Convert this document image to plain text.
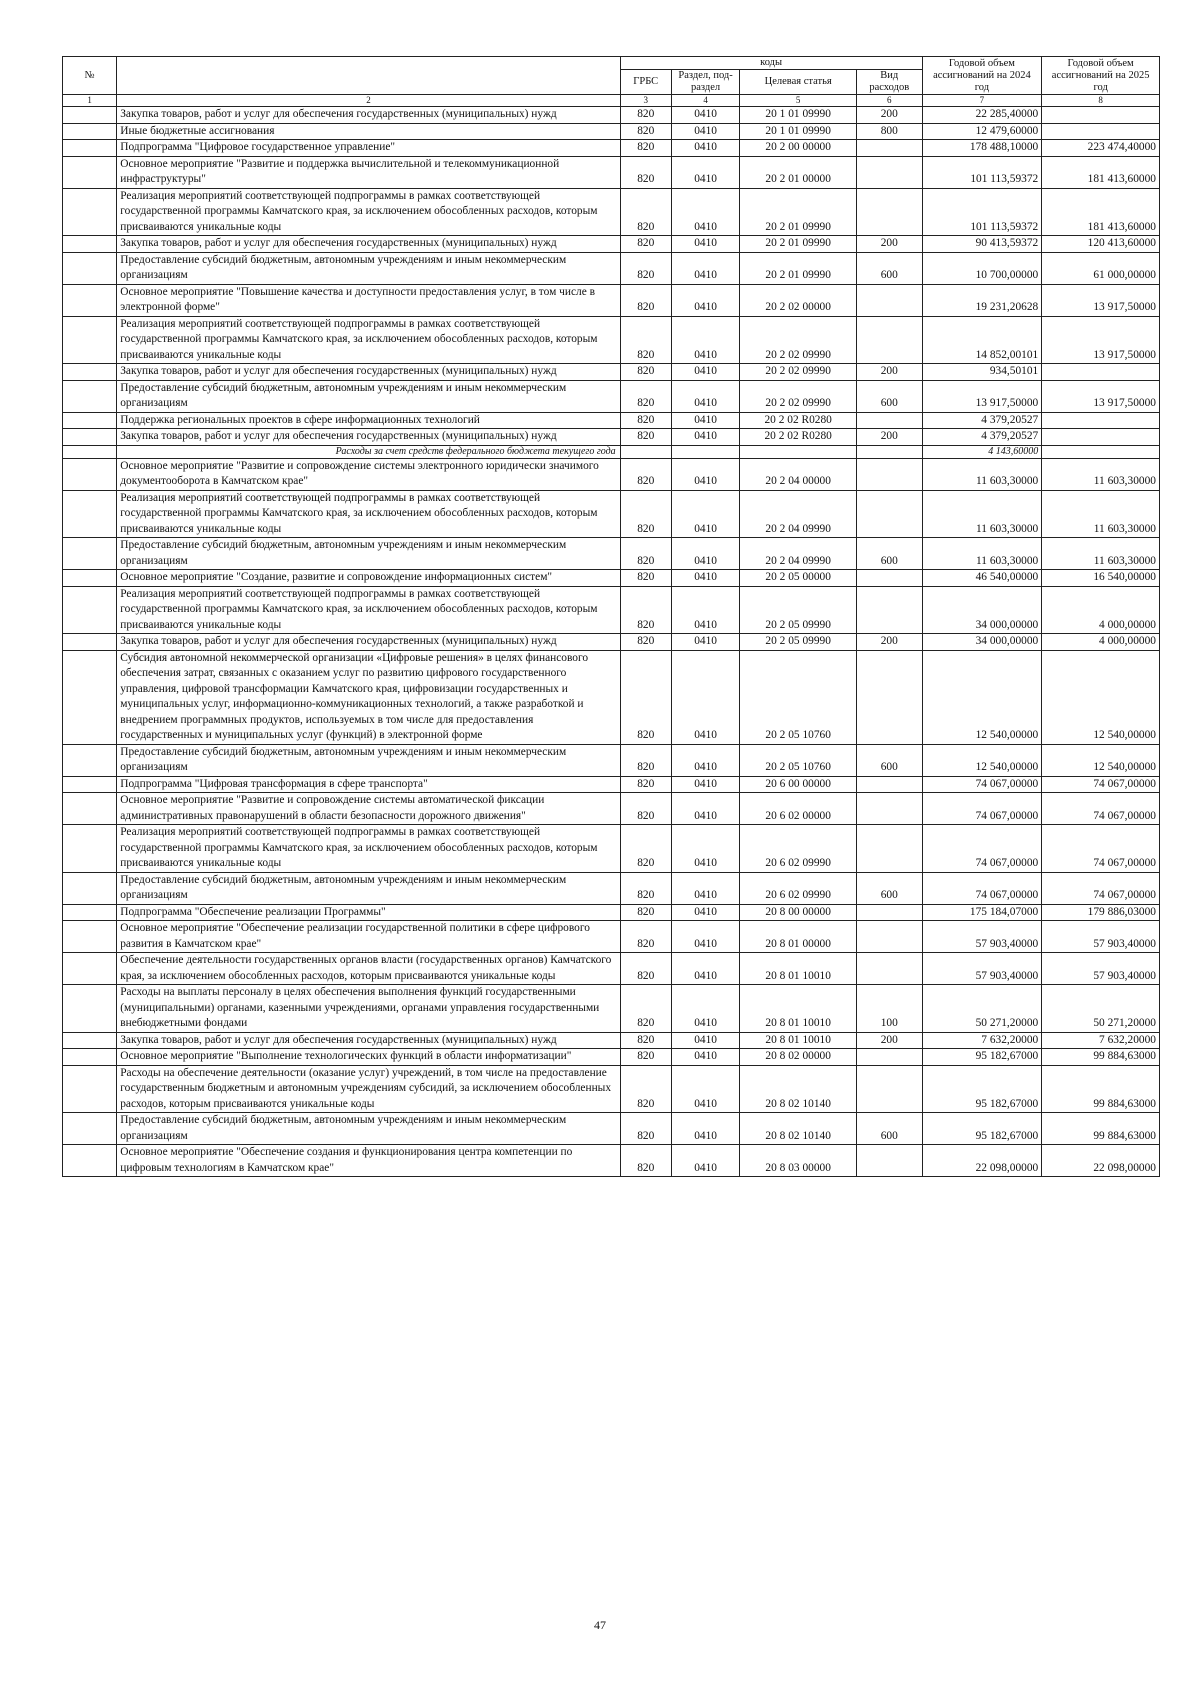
№		коды				Годовой объем ассигнований на 2024 год	Годовой объем ассигнований на 2025 год
		ГРБС	Раздел, под-раздел	Целевая статья	Вид расходов		
1	2	3	4	5	6	7	8
	Закупка товаров, работ и услуг для обеспечения государственных (муниципальных) нужд	820	0410	20 1 01 09990	200	22 285,40000	
	Иные бюджетные ассигнования	820	0410	20 1 01 09990	800	12 479,60000	
	Подпрограмма "Цифровое государственное управление"	820	0410	20 2 00 00000		178 488,10000	223 474,40000
	Основное мероприятие "Развитие и поддержка вычислительной и телекоммуникационной инфраструктуры"	820	0410	20 2 01 00000		101 113,59372	181 413,60000
	Реализация мероприятий соответствующей подпрограммы в рамках соответствующей государственной программы Камчатского края, за исключением обособленных расходов, которым присваиваются уникальные коды	820	0410	20 2 01 09990		101 113,59372	181 413,60000
	Закупка товаров, работ и услуг для обеспечения государственных (муниципальных) нужд	820	0410	20 2 01 09990	200	90 413,59372	120 413,60000
	Предоставление субсидий бюджетным, автономным учреждениям и иным некоммерческим организациям	820	0410	20 2 01 09990	600	10 700,00000	61 000,00000
	Основное мероприятие "Повышение качества и доступности предоставления услуг, в том числе в электронной форме"	820	0410	20 2 02 00000		19 231,20628	13 917,50000
	Реализация мероприятий соответствующей подпрограммы в рамках соответствующей государственной программы Камчатского края, за исключением обособленных расходов, которым присваиваются уникальные коды	820	0410	20 2 02 09990		14 852,00101	13 917,50000
	Закупка товаров, работ и услуг для обеспечения государственных (муниципальных) нужд	820	0410	20 2 02 09990	200	934,50101	
	Предоставление субсидий бюджетным, автономным учреждениям и иным некоммерческим организациям	820	0410	20 2 02 09990	600	13 917,50000	13 917,50000
	Поддержка региональных проектов в сфере информационных технологий	820	0410	20 2 02 R0280		4 379,20527	
	Закупка товаров, работ и услуг для обеспечения государственных (муниципальных) нужд	820	0410	20 2 02 R0280	200	4 379,20527	
	Расходы за счет средств федерального бюджета текущего года					4 143,60000	
	Основное мероприятие "Развитие и сопровождение системы электронного юридически значимого документооборота в Камчатском крае"	820	0410	20 2 04 00000		11 603,30000	11 603,30000
	Реализация мероприятий соответствующей подпрограммы в рамках соответствующей государственной программы Камчатского края, за исключением обособленных расходов, которым присваиваются уникальные коды	820	0410	20 2 04 09990		11 603,30000	11 603,30000
	Предоставление субсидий бюджетным, автономным учреждениям и иным некоммерческим организациям	820	0410	20 2 04 09990	600	11 603,30000	11 603,30000
	Основное мероприятие "Создание, развитие и сопровождение информационных систем"	820	0410	20 2 05 00000		46 540,00000	16 540,00000
	Реализация мероприятий соответствующей подпрограммы в рамках соответствующей государственной программы Камчатского края, за исключением обособленных расходов, которым присваиваются уникальные коды	820	0410	20 2 05 09990		34 000,00000	4 000,00000
	Закупка товаров, работ и услуг для обеспечения государственных (муниципальных) нужд	820	0410	20 2 05 09990	200	34 000,00000	4 000,00000
	Субсидия автономной некоммерческой организации «Цифровые решения» в целях финансового обеспечения затрат, связанных с оказанием услуг по развитию цифрового государственного управления, цифровой трансформации Камчатского края, цифровизации государственных и муниципальных услуг, информационно-коммуникационных технологий, а также разработкой и внедрением программных продуктов, используемых в том числе для предоставления государственных и муниципальных услуг (функций) в электронной форме	820	0410	20 2 05 10760		12 540,00000	12 540,00000
	Предоставление субсидий бюджетным, автономным учреждениям и иным некоммерческим организациям	820	0410	20 2 05 10760	600	12 540,00000	12 540,00000
	Подпрограмма "Цифровая трансформация в сфере транспорта"	820	0410	20 6 00 00000		74 067,00000	74 067,00000
	Основное мероприятие "Развитие и сопровождение системы автоматической фиксации административных правонарушений в области безопасности дорожного движения"	820	0410	20 6 02 00000		74 067,00000	74 067,00000
	Реализация мероприятий соответствующей подпрограммы в рамках соответствующей государственной программы Камчатского края, за исключением обособленных расходов, которым присваиваются уникальные коды	820	0410	20 6 02 09990		74 067,00000	74 067,00000
	Предоставление субсидий бюджетным, автономным учреждениям и иным некоммерческим организациям	820	0410	20 6 02 09990	600	74 067,00000	74 067,00000
	Подпрограмма "Обеспечение реализации Программы"	820	0410	20 8 00 00000		175 184,07000	179 886,03000
	Основное мероприятие "Обеспечение реализации государственной политики в сфере цифрового развития в Камчатском крае"	820	0410	20 8 01 00000		57 903,40000	57 903,40000
	Обеспечение деятельности государственных органов власти (государственных органов) Камчатского края, за исключением обособленных расходов, которым присваиваются уникальные коды	820	0410	20 8 01 10010		57 903,40000	57 903,40000
	Расходы на выплаты персоналу в целях обеспечения выполнения функций государственными (муниципальными) органами, казенными учреждениями, органами управления государственными внебюджетными фондами	820	0410	20 8 01 10010	100	50 271,20000	50 271,20000
	Закупка товаров, работ и услуг для обеспечения государственных (муниципальных) нужд	820	0410	20 8 01 10010	200	7 632,20000	7 632,20000
	Основное мероприятие "Выполнение технологических функций в области информатизации"	820	0410	20 8 02 00000		95 182,67000	99 884,63000
	Расходы на обеспечение деятельности (оказание услуг) учреждений, в том числе на предоставление государственным бюджетным и автономным учреждениям субсидий, за исключением обособленных расходов, которым присваиваются уникальные коды	820	0410	20 8 02 10140		95 182,67000	99 884,63000
	Предоставление субсидий бюджетным, автономным учреждениям и иным некоммерческим организациям	820	0410	20 8 02 10140	600	95 182,67000	99 884,63000
	Основное мероприятие "Обеспечение создания и функционирования центра компетенции по цифровым технологиям в Камчатском крае"	820	0410	20 8 03 00000		22 098,00000	22 098,00000
47
